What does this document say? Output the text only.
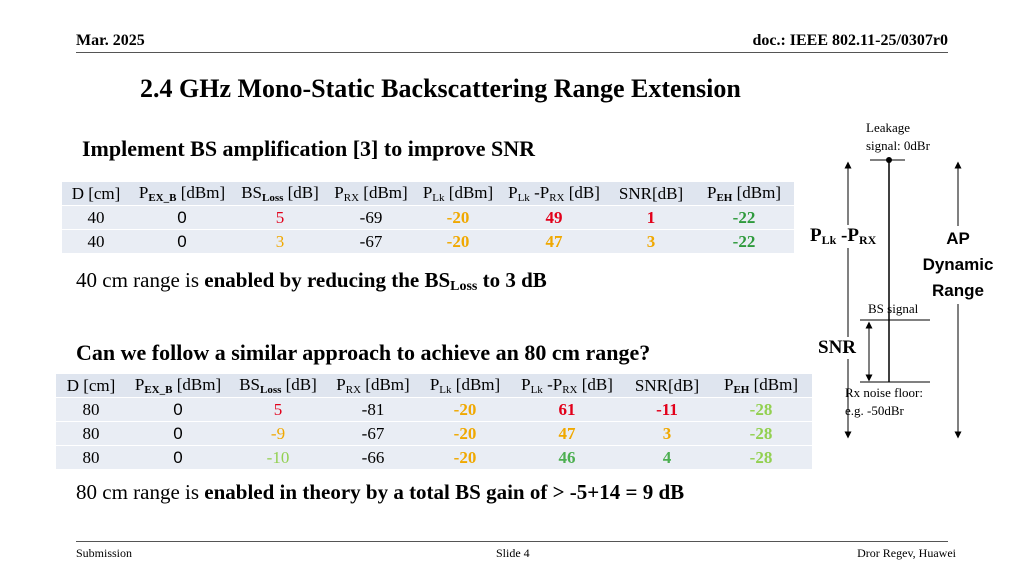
Mar. 2025	doc.: IEEE 802.11-25/0307r0
2.4 GHz Mono-Static Backscattering Range Extension
Implement BS amplification [3] to improve SNR
D [cm]	$P_{EX\_B}$ [dBm]	$BS_{Loss}$ [dB]	$P_{RX}$ [dBm]	$P_{Lk}$ [dBm]	$P_{Lk}$ $-P_{RX}$ [dB]	SNR[dB]	$P_{EH}$ [dBm]
40	0	5	-69	-20	49	1	-22
40	0	3	-67	-20	47	3	-22
40 cm range is enabled by reducing the $BS_{Loss}$ to 3 dB
Can we follow a similar approach to achieve an 80 cm range?
D [cm]	$P_{EX\_B}$ [dBm]	$BS_{Loss}$ [dB]	$P_{RX}$ [dBm]	$P_{Lk}$ [dBm]	$P_{Lk}$ $-P_{RX}$ [dB]	SNR[dB]	$P_{EH}$ [dBm]
80	0	5	-81	-20	61	-11	-28
80	0	-9	-67	-20	47	3	-28
80	0	-10	-66	-20	46	4	-28
80 cm range is enabled in theory by a total BS gain of > -5+14 = 9 dB
Leakage
signal: 0dBr
$P_{Lk}$ $-P_{RX}$	AP
Dynamic
Range
BS signal
SNR
Rx noise floor:
e.g. -50dBr
Submission	Slide 4	Dror Regev, Huawei
